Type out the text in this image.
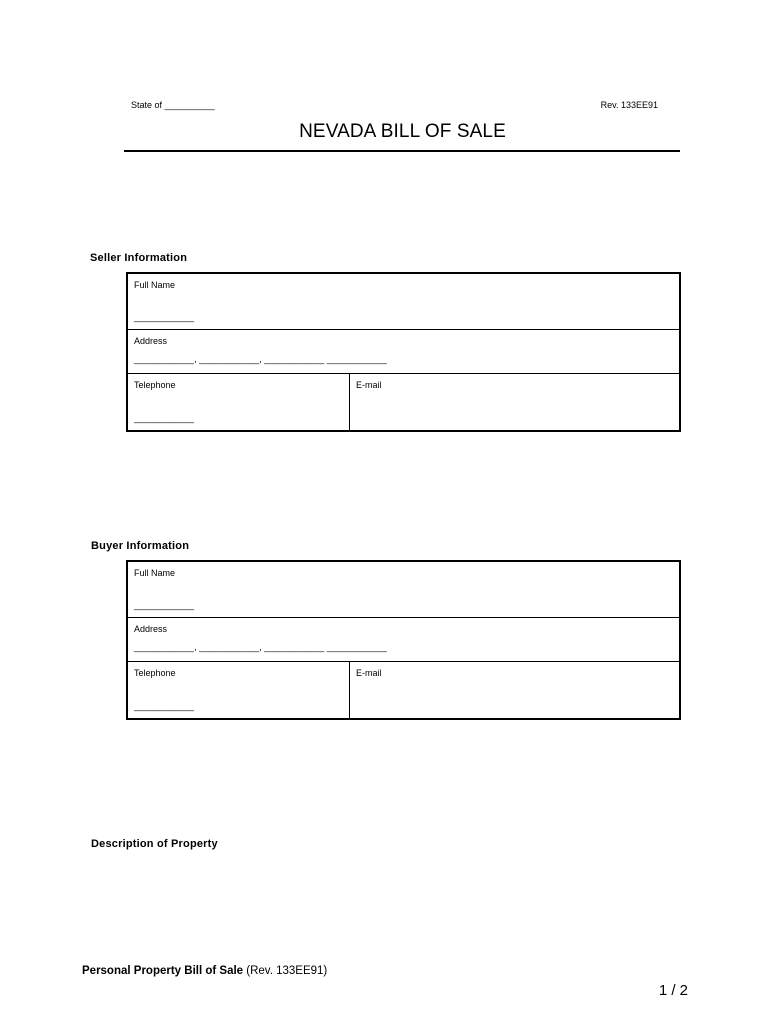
State of __________	Rev. 133EE91
NEVADA BILL OF SALE
Seller Information
Full Name
____________
Address
____________, ____________, ____________ ____________
Telephone
____________
E-mail
Buyer Information
Full Name
____________
Address
____________, ____________, ____________ ____________
Telephone
____________
E-mail
Description of Property
Personal Property Bill of Sale (Rev. 133EE91)
1 / 2
